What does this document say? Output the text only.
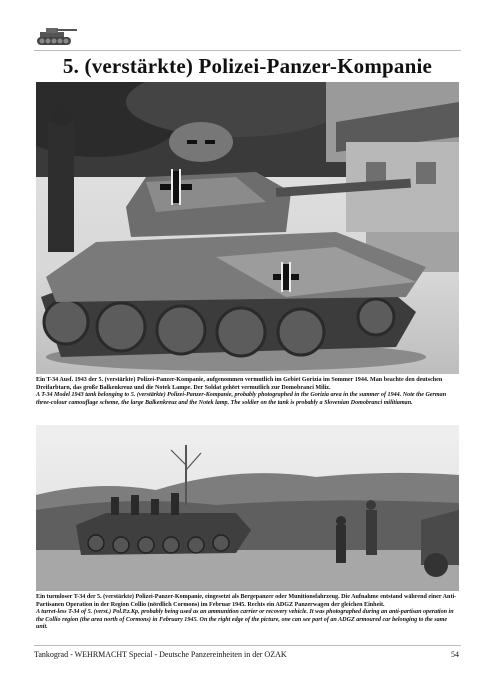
5. (verstärkte) Polizei-Panzer-Kompanie

Ein T-34 Ausf. 1943 der 5. (verstärkte) Polizei-Panzer-Kompanie, aufgenommen vermutlich im Gebiet Gorizia im Sommer 1944. Man beachte den deutschen Dreifarbtarn, das große Balkenkreuz und die Notek Lampe. Der Soldat gehört vermutlich zur Domobranci Miliz.

A T-34 Model 1943 tank belonging to 5. (verstärkte) Polizei-Panzer-Kompanie, probably photographed in the Gorizia area in the summer of 1944. Note the German three-colour camouflage scheme, the large Balkenkreuz and the Notek lamp. The soldier on the tank is probably a Slovenian Domobranci militiaman.

Ein turmloser T-34 der 5. (verstärkte) Polizei-Panzer-Kompanie, eingesetzt als Bergepanzer oder Munitionsfahrzeug. Die Aufnahme entstand während einer Anti-Partisanen Operation in der Region Collio (nördlich Cormons) im Februar 1945. Rechts ein ADGZ Panzerwagen der gleichen Einheit.

A turret-less T-34 of 5. (verst.) Pol.P.z.Kp, probably being used as an ammunition carrier or recovery vehicle. It was photographed during an anti-partisan operation in the Collio region (the area north of Cormons) in February 1945. On the right edge of the picture, one can see part of an ADGZ armoured car belonging to the same unit.

Tankograd - WEHRMACHT Special - Deutsche Panzereinheiten in der OZAK	54
